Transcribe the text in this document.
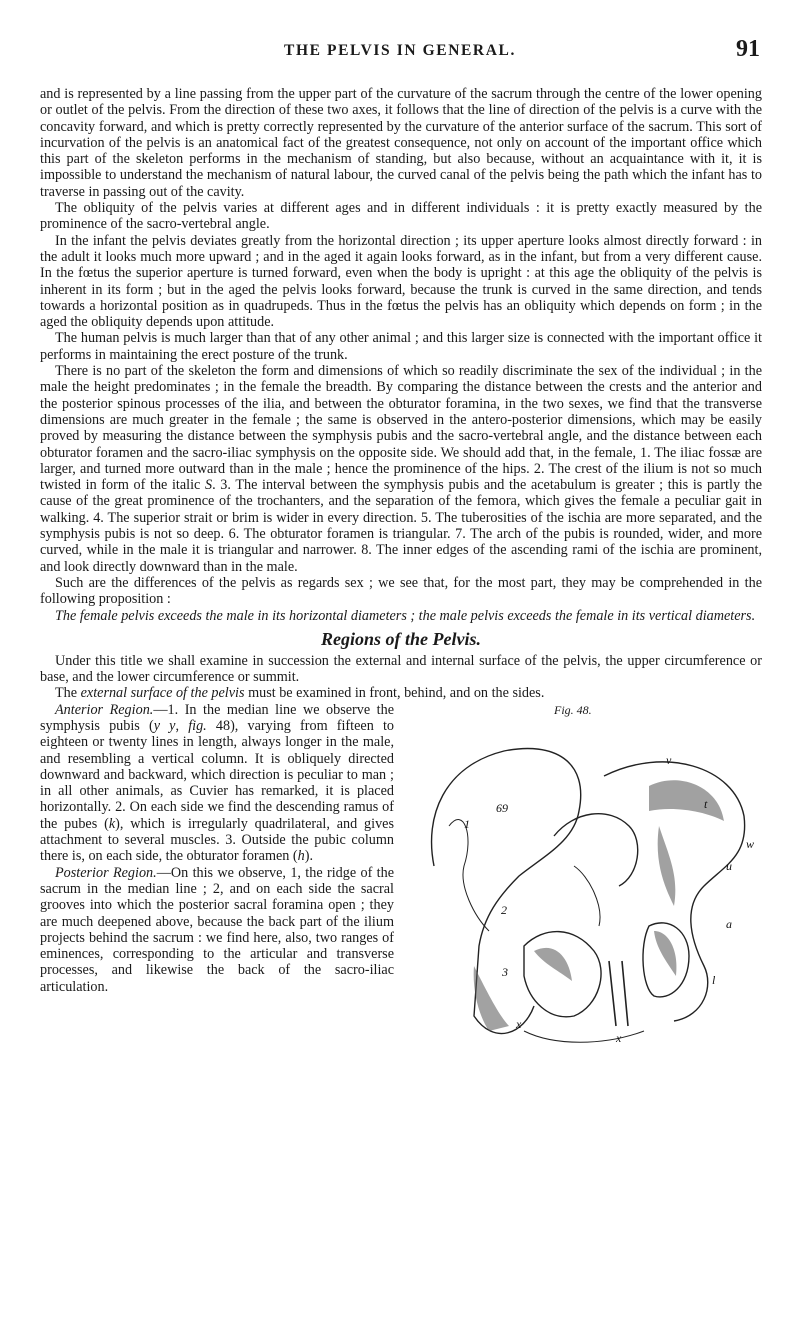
THE PELVIS IN GENERAL.	91

and is represented by a line passing from the upper part of the curvature of the sacrum through the centre of the lower opening or outlet of the pelvis. From the direction of these two axes, it follows that the line of direction of the pelvis is a curve with the concavity forward, and which is pretty correctly represented by the curvature of the anterior surface of the sacrum. This sort of incurvation of the pelvis is an anatomical fact of the greatest consequence, not only on account of the important office which this part of the skeleton performs in the mechanism of standing, but also because, without an acquaintance with it, it is impossible to understand the mechanism of natural labour, the curved canal of the pelvis being the path which the infant has to traverse in passing out of the cavity.

The obliquity of the pelvis varies at different ages and in different individuals : it is pretty exactly measured by the prominence of the sacro-vertebral angle.

In the infant the pelvis deviates greatly from the horizontal direction ; its upper aperture looks almost directly forward : in the adult it looks much more upward ; and in the aged it again looks forward, as in the infant, but from a very different cause. In the fœtus the superior aperture is turned forward, even when the body is upright : at this age the obliquity of the pelvis is inherent in its form ; but in the aged the pelvis looks forward, because the trunk is curved in the same direction, and tends towards a horizontal position as in quadrupeds. Thus in the fœtus the pelvis has an obliquity which depends on form ; in the aged the obliquity depends upon attitude.

The human pelvis is much larger than that of any other animal ; and this larger size is connected with the important office it performs in maintaining the erect posture of the trunk.

There is no part of the skeleton the form and dimensions of which so readily discriminate the sex of the individual ; in the male the height predominates ; in the female the breadth. By comparing the distance between the crests and the anterior and the posterior spinous processes of the ilia, and between the obturator foramina, in the two sexes, we find that the transverse dimensions are much greater in the female ; the same is observed in the antero-posterior dimensions, which may be easily proved by measuring the distance between the symphysis pubis and the sacro-vertebral angle, and the distance between each obturator foramen and the sacro-iliac symphysis on the opposite side. We should add that, in the female, 1. The iliac fossæ are larger, and turned more outward than in the male ; hence the prominence of the hips. 2. The crest of the ilium is not so much twisted in form of the italic S. 3. The interval between the symphysis pubis and the acetabulum is greater ; this is partly the cause of the great prominence of the trochanters, and the separation of the femora, which gives the female a peculiar gait in walking. 4. The superior strait or brim is wider in every direction. 5. The tuberosities of the ischia are more separated, and the symphysis pubis is not so deep. 6. The obturator foramen is triangular. 7. The arch of the pubis is rounded, wider, and more curved, while in the male it is triangular and narrower. 8. The inner edges of the ascending rami of the ischia are prominent, and look directly downward than in the male.

Such are the differences of the pelvis as regards sex ; we see that, for the most part, they may be comprehended in the following proposition :

The female pelvis exceeds the male in its horizontal diameters ; the male pelvis exceeds the female in its vertical diameters.

Regions of the Pelvis.

Under this title we shall examine in succession the external and internal surface of the pelvis, the upper circumference or base, and the lower circumference or summit.

The external surface of the pelvis must be examined in front, behind, and on the sides.

Fig. 48.
1
69	t
v
u
w
a
2
3
l
x
x

Anterior Region.—1. In the median line we observe the symphysis pubis (y y, fig. 48), varying from fifteen to eighteen or twenty lines in length, always longer in the male, and resembling a vertical column. It is obliquely directed downward and backward, which direction is peculiar to man ; in all other animals, as Cuvier has remarked, it is placed horizontally. 2. On each side we find the descending ramus of the pubes (k), which is irregularly quadrilateral, and gives attachment to several muscles. 3. Outside the pubic column there is, on each side, the obturator foramen (h).

Posterior Region.—On this we observe, 1, the ridge of the sacrum in the median line ; 2, and on each side the sacral grooves into which the posterior sacral foramina open ; they are much deepened above, because the back part of the ilium projects behind the sacrum : we find here, also, two ranges of eminences, corresponding to the articular and transverse processes, and likewise the back of the sacro-iliac articulation.
